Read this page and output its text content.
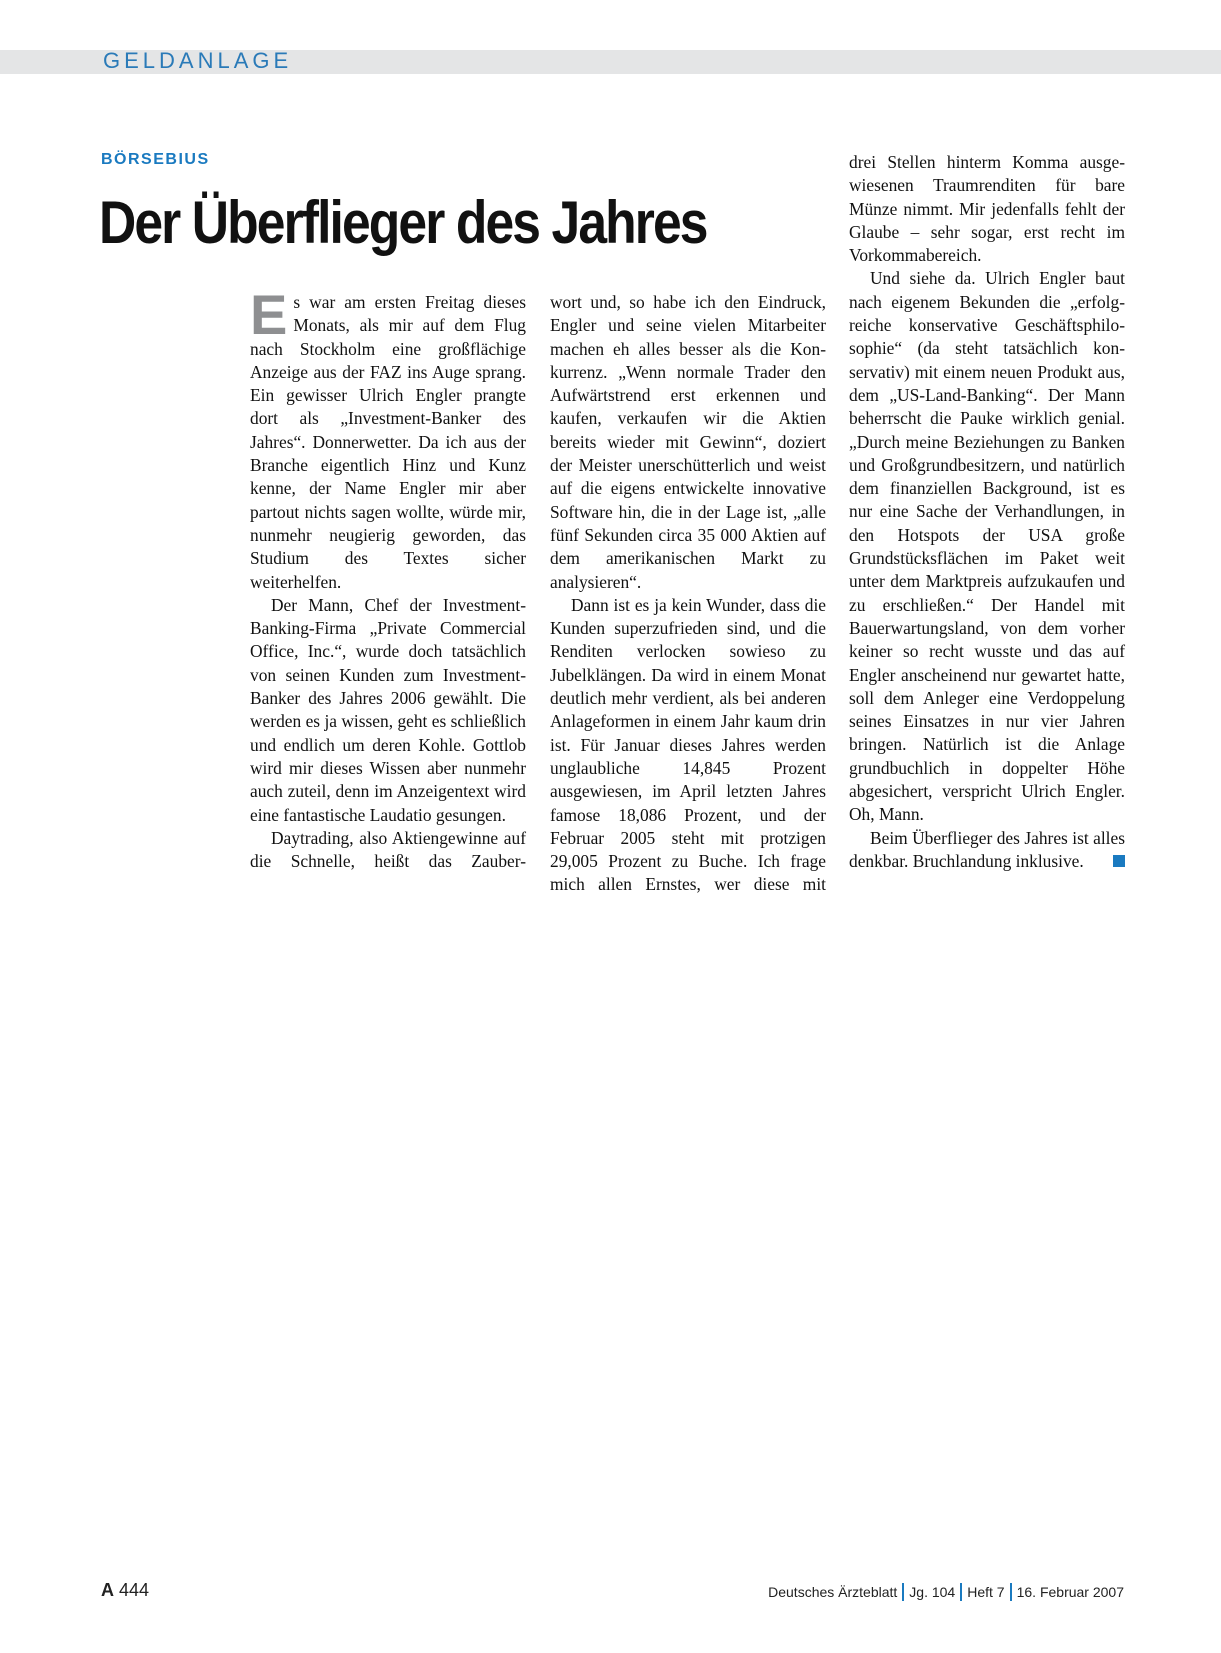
GELDANLAGE
BÖRSEBIUS
Der Überflieger des Jahres

Es war am ersten Freitag dieses Monats, als mir auf dem Flug nach Stockholm eine großflächige Anzeige aus der FAZ ins Auge sprang. Ein gewisser Ulrich Engler prangte dort als „Investment-Banker des Jahres“. Donnerwetter. Da ich aus der Branche eigentlich Hinz und Kunz kenne, der Name Engler mir aber partout nichts sagen wollte, würde mir, nunmehr neugierig geworden, das Studium des Textes sicher weiterhelfen.

Der Mann, Chef der Investment-Banking-Firma „Private Commercial Office, Inc.“, wurde doch tatsächlich von seinen Kunden zum Investment-Banker des Jahres 2006 gewählt. Die werden es ja wissen, geht es schließlich und endlich um deren Kohle. Gottlob wird mir dieses Wissen aber nunmehr auch zuteil, denn im Anzeigentext wird eine fantastische Laudatio gesungen.

Daytrading, also Aktiengewinne auf die Schnelle, heißt das Zauber-

wort und, so habe ich den Eindruck, Engler und seine vielen Mitarbeiter machen eh alles besser als die Konkurrenz. „Wenn normale Trader den Aufwärtstrend erst erkennen und kaufen, verkaufen wir die Aktien bereits wieder mit Gewinn“, doziert der Meister unerschütterlich und weist auf die eigens entwickelte innovative Software hin, die in der Lage ist, „alle fünf Sekunden circa 35 000 Aktien auf dem amerikanischen Markt zu analysieren“.

Dann ist es ja kein Wunder, dass die Kunden superzufrieden sind, und die Renditen verlocken sowieso zu Jubelklängen. Da wird in einem Monat deutlich mehr verdient, als bei anderen Anlageformen in einem Jahr kaum drin ist. Für Januar dieses Jahres werden unglaubliche 14,845 Prozent ausgewiesen, im April letzten Jahres famose 18,086 Prozent, und der Februar 2005 steht mit protzigen 29,005 Prozent zu Buche. Ich frage mich allen Ernstes, wer diese mit

drei Stellen hinterm Komma ausgewiesenen Traumrenditen für bare Münze nimmt. Mir jedenfalls fehlt der Glaube – sehr sogar, erst recht im Vorkommabereich.

Und siehe da. Ulrich Engler baut nach eigenem Bekunden die „erfolgreiche konservative Geschäftsphilosophie“ (da steht tatsächlich konservativ) mit einem neuen Produkt aus, dem „US-Land-Banking“. Der Mann beherrscht die Pauke wirklich genial. „Durch meine Beziehungen zu Banken und Großgrundbesitzern, und natürlich dem finanziellen Background, ist es nur eine Sache der Verhandlungen, in den Hotspots der USA große Grundstücksflächen im Paket weit unter dem Marktpreis aufzukaufen und zu erschließen.“ Der Handel mit Bauerwartungsland, von dem vorher keiner so recht wusste und das auf Engler anscheinend nur gewartet hatte, soll dem Anleger eine Verdoppelung seines Einsatzes in nur vier Jahren bringen. Natürlich ist die Anlage grundbuchlich in doppelter Höhe abgesichert, verspricht Ulrich Engler. Oh, Mann.

Beim Überflieger des Jahres ist alles denkbar. Bruchlandung inklusive.

A 444	Deutsches Ärzteblatt Jg. 104 Heft 7 16. Februar 2007
